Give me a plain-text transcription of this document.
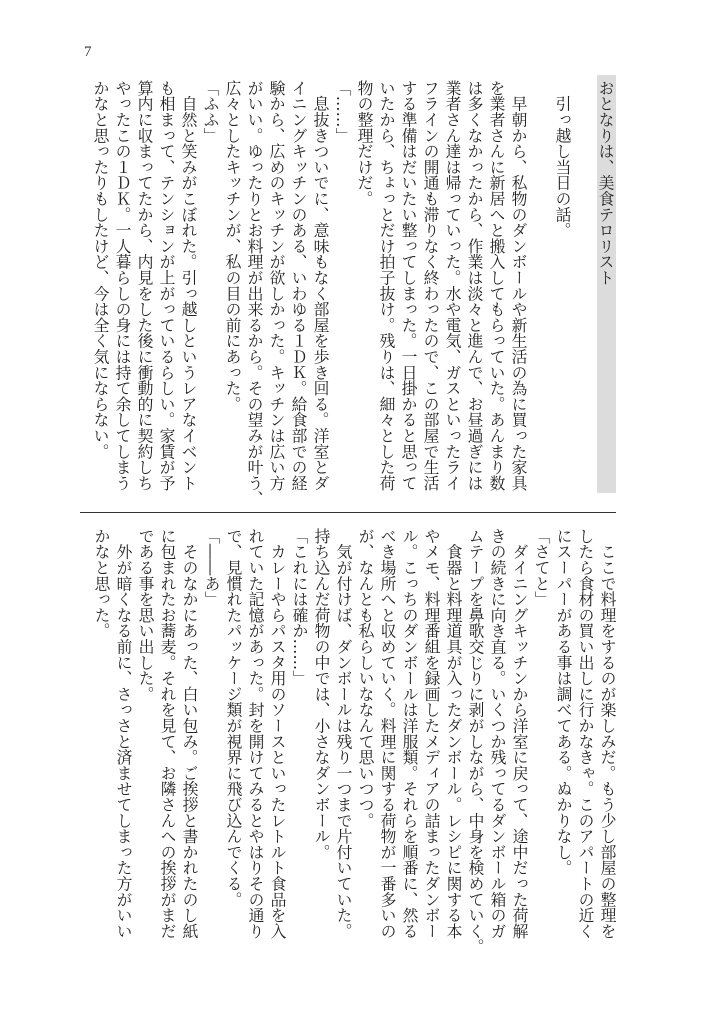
7
おとなりは、美食テロリスト
　引っ越し当日の話。
　早朝から、私物のダンボールや新生活の為に買った家具
を業者さんに新居へと搬入してもらっていた。あんまり数
は多くなかったから、作業は淡々と進んで、お昼過ぎには
業者さん達は帰っていった。水や電気、ガスといったライ
フラインの開通も滞りなく終わったので、この部屋で生活
する準備はだいたい整ってしまった。一日掛かると思って
いたから、ちょっとだけ拍子抜け。残りは、細々とした荷
物の整理だけだ。
「……」
　息抜きついでに、意味もなく部屋を歩き回る。洋室とダ
イニングキッチンのある、いわゆる１ＤＫ。給食部での経
験から、広めのキッチンが欲しかった。キッチンは広い方
がいい。ゆったりとお料理が出来るから。その望みが叶う、
広々としたキッチンが、私の目の前にあった。
「ふふ」
　自然と笑みがこぼれた。引っ越しというレアなイベント
も相まって、テンションが上がっているらしい。家賃が予
算内に収まってたから、内見をした後に衝動的に契約しち
やったこの１ＤＫ。一人暮らしの身には持て余してしまう
かなと思ったりもしたけど、今は全く気にならない。
　ここで料理をするのが楽しみだ。もう少し部屋の整理を
したら食材の買い出しに行かなきゃ。このアパートの近く
にスーパーがある事は調べてある。ぬかりなし。
「さてと」
　ダイニングキッチンから洋室に戻って、途中だった荷解
きの続きに向き直る。いくつか残ってるダンボール箱のガ
ムテープを鼻歌交じりに剥がしながら、中身を検めていく。
　食器と料理道具が入ったダンボール。レシピに関する本
やメモ、料理番組を録画したメディアの詰まったダンボー
ル。こっちのダンボールは洋服類。それらを順番に、然る
べき場所へと収めていく。料理に関する荷物が一番多いの
が、なんとも私らしいななんて思いつつ。
　気が付けば、ダンボールは残り一つまで片付いていた。
持ち込んだ荷物の中では、小さなダンボール。
「これには確か……」
　カレーやらパスタ用のソースといったレトルト食品を入
れていた記憶があった。封を開けてみるとやはりその通り
で、見慣れたパッケージ類が視界に飛び込んでくる。
「――あ」
　そのなかにあった、白い包み。ご挨拶と書かれたのし紙
に包まれたお蕎麦。それを見て、お隣さんへの挨拶がまだ
である事を思い出した。
　外が暗くなる前に、さっさと済ませてしまった方がいい
かなと思った。
